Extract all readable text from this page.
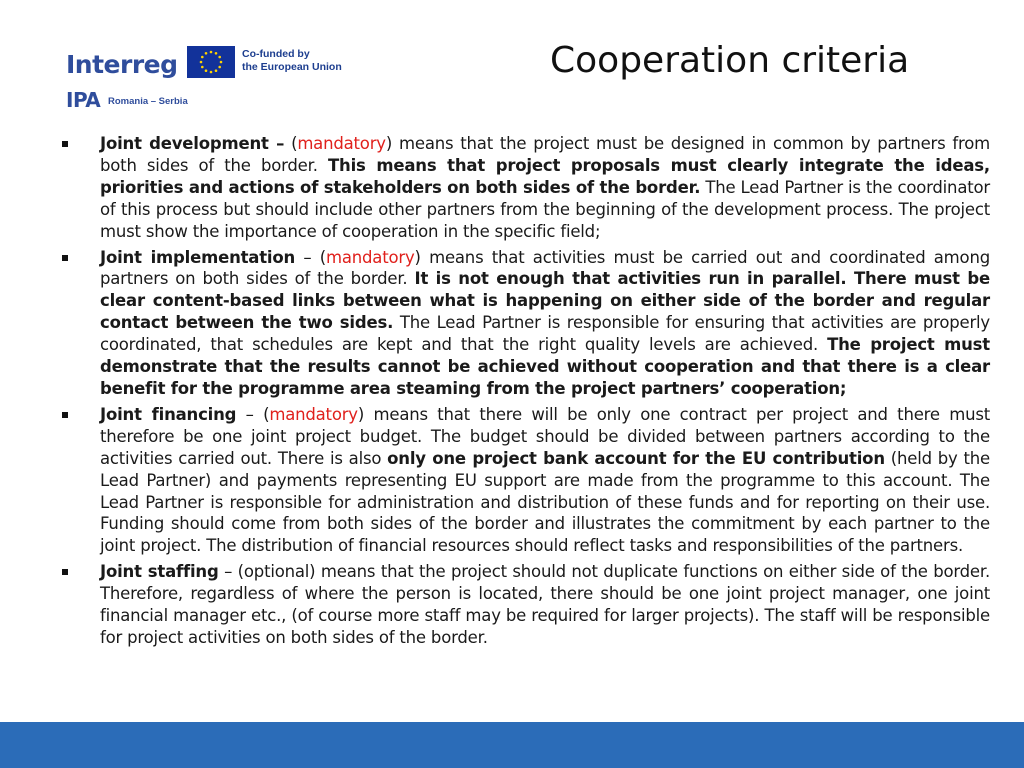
Interreg	Co-funded by
the European Union
IPA Romania – Serbia
Cooperation criteria

Joint development – (mandatory) means that the project must be designed in common by partners from both sides of the border. This means that project proposals must clearly integrate the ideas, priorities and actions of stakeholders on both sides of the border. The Lead Partner is the coordinator of this process but should include other partners from the beginning of the development process. The project must show the importance of cooperation in the specific field;

Joint implementation – (mandatory) means that activities must be carried out and coordinated among partners on both sides of the border. It is not enough that activities run in parallel. There must be clear content-based links between what is happening on either side of the border and regular contact between the two sides. The Lead Partner is responsible for ensuring that activities are properly coordinated, that schedules are kept and that the right quality levels are achieved. The project must demonstrate that the results cannot be achieved without cooperation and that there is a clear benefit for the programme area steaming from the project partners’ cooperation;

Joint financing – (mandatory) means that there will be only one contract per project and there must therefore be one joint project budget. The budget should be divided between partners according to the activities carried out. There is also only one project bank account for the EU contribution (held by the Lead Partner) and payments representing EU support are made from the programme to this account. The Lead Partner is responsible for administration and distribution of these funds and for reporting on their use. Funding should come from both sides of the border and illustrates the commitment by each partner to the joint project. The distribution of financial resources should reflect tasks and responsibilities of the partners.

Joint staffing – (optional) means that the project should not duplicate functions on either side of the border. Therefore, regardless of where the person is located, there should be one joint project manager, one joint financial manager etc., (of course more staff may be required for larger projects). The staff will be responsible for project activities on both sides of the border.
